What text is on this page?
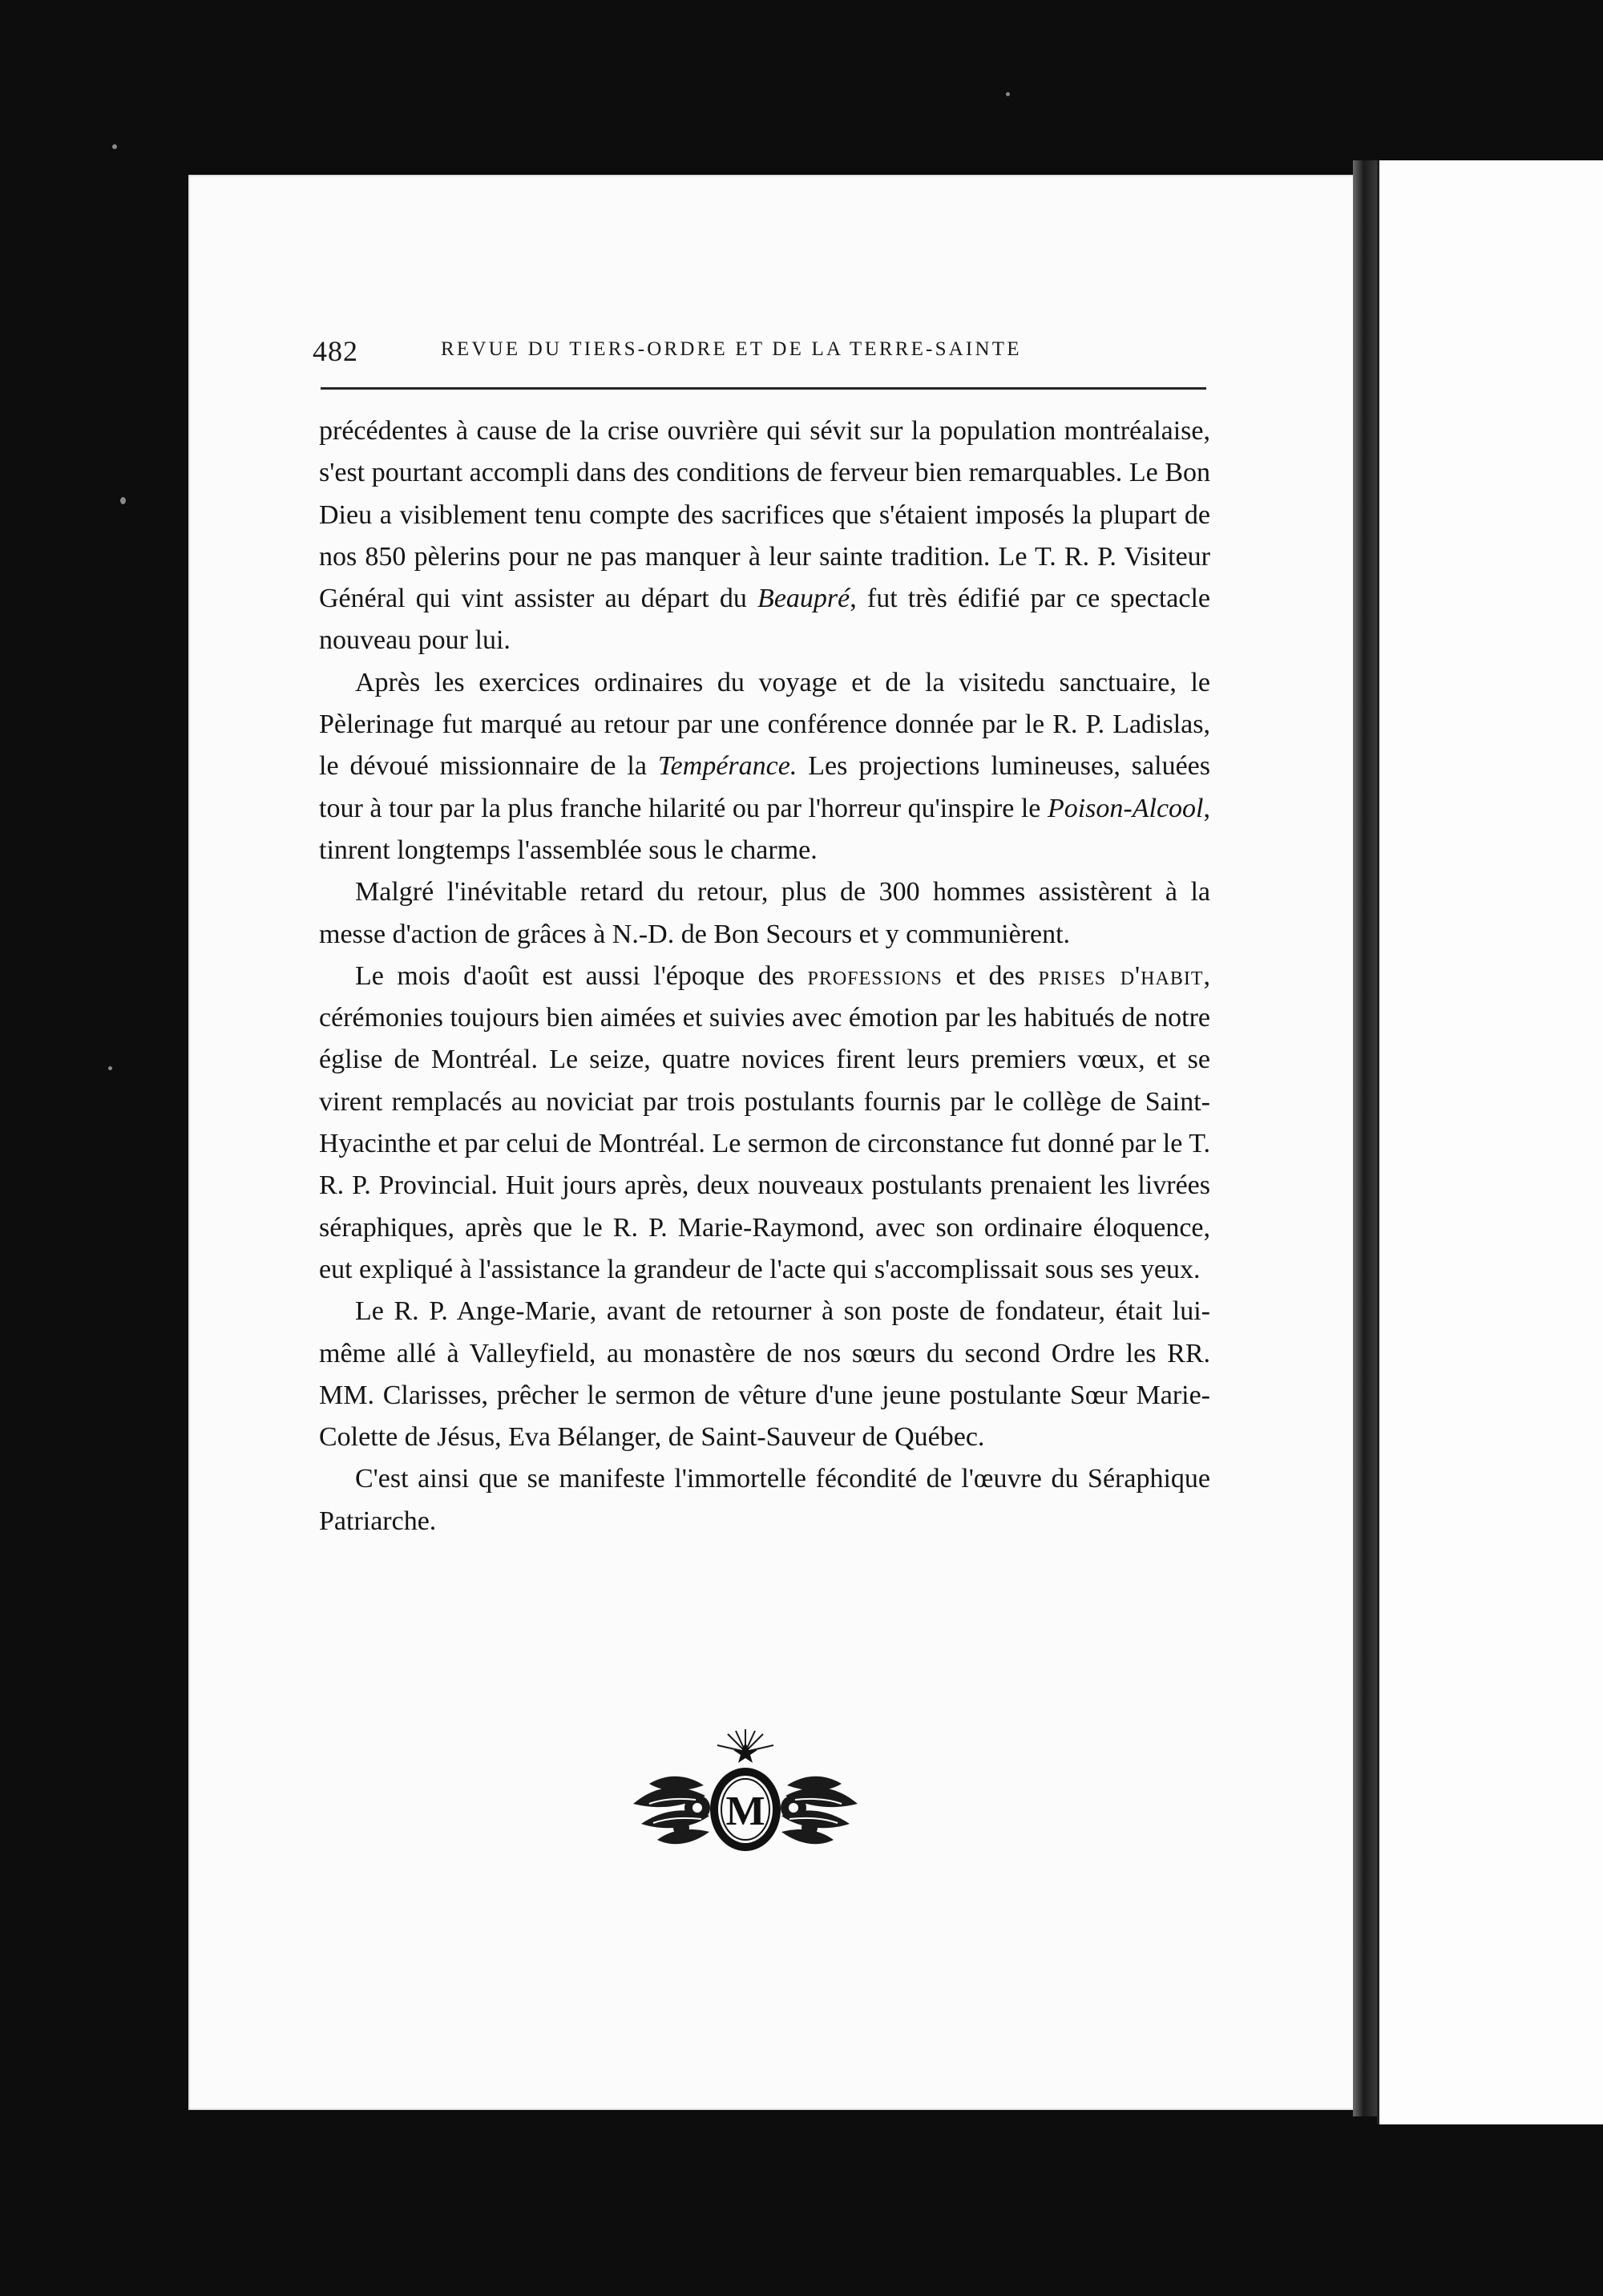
482	REVUE DU TIERS-ORDRE ET DE LA TERRE-SAINTE

précédentes à cause de la crise ouvrière qui sévit sur la population montréalaise, s'est pourtant accompli dans des conditions de ferveur bien remarquables. Le Bon Dieu a visiblement tenu compte des sacrifices que s'étaient imposés la plupart de nos 850 pèlerins pour ne pas manquer à leur sainte tradition. Le T. R. P. Visiteur Général qui vint assister au départ du Beaupré, fut très édifié par ce spectacle nouveau pour lui.

Après les exercices ordinaires du voyage et de la visitedu sanctuaire, le Pèlerinage fut marqué au retour par une conférence donnée par le R. P. Ladislas, le dévoué missionnaire de la Tempérance. Les projections lumineuses, saluées tour à tour par la plus franche hilarité ou par l'horreur qu'inspire le Poison-Alcool, tinrent longtemps l'assemblée sous le charme.

Malgré l'inévitable retard du retour, plus de 300 hommes assistèrent à la messe d'action de grâces à N.-D. de Bon Secours et y communièrent.

Le mois d'août est aussi l'époque des professions et des prises d'habit, cérémonies toujours bien aimées et suivies avec émotion par les habitués de notre église de Montréal. Le seize, quatre novices firent leurs premiers vœux, et se virent remplacés au noviciat par trois postulants fournis par le collège de Saint-Hyacinthe et par celui de Montréal. Le sermon de circonstance fut donné par le T. R. P. Provincial. Huit jours après, deux nouveaux postulants prenaient les livrées séraphiques, après que le R. P. Marie-Raymond, avec son ordinaire éloquence, eut expliqué à l'assistance la grandeur de l'acte qui s'accomplissait sous ses yeux.

Le R. P. Ange-Marie, avant de retourner à son poste de fondateur, était lui-même allé à Valleyfield, au monastère de nos sœurs du second Ordre les RR. MM. Clarisses, prêcher le sermon de vêture d'une jeune postulante Sœur Marie-Colette de Jésus, Eva Bélanger, de Saint-Sauveur de Québec.

C'est ainsi que se manifeste l'immortelle fécondité de l'œuvre du Séraphique Patriarche.

M
